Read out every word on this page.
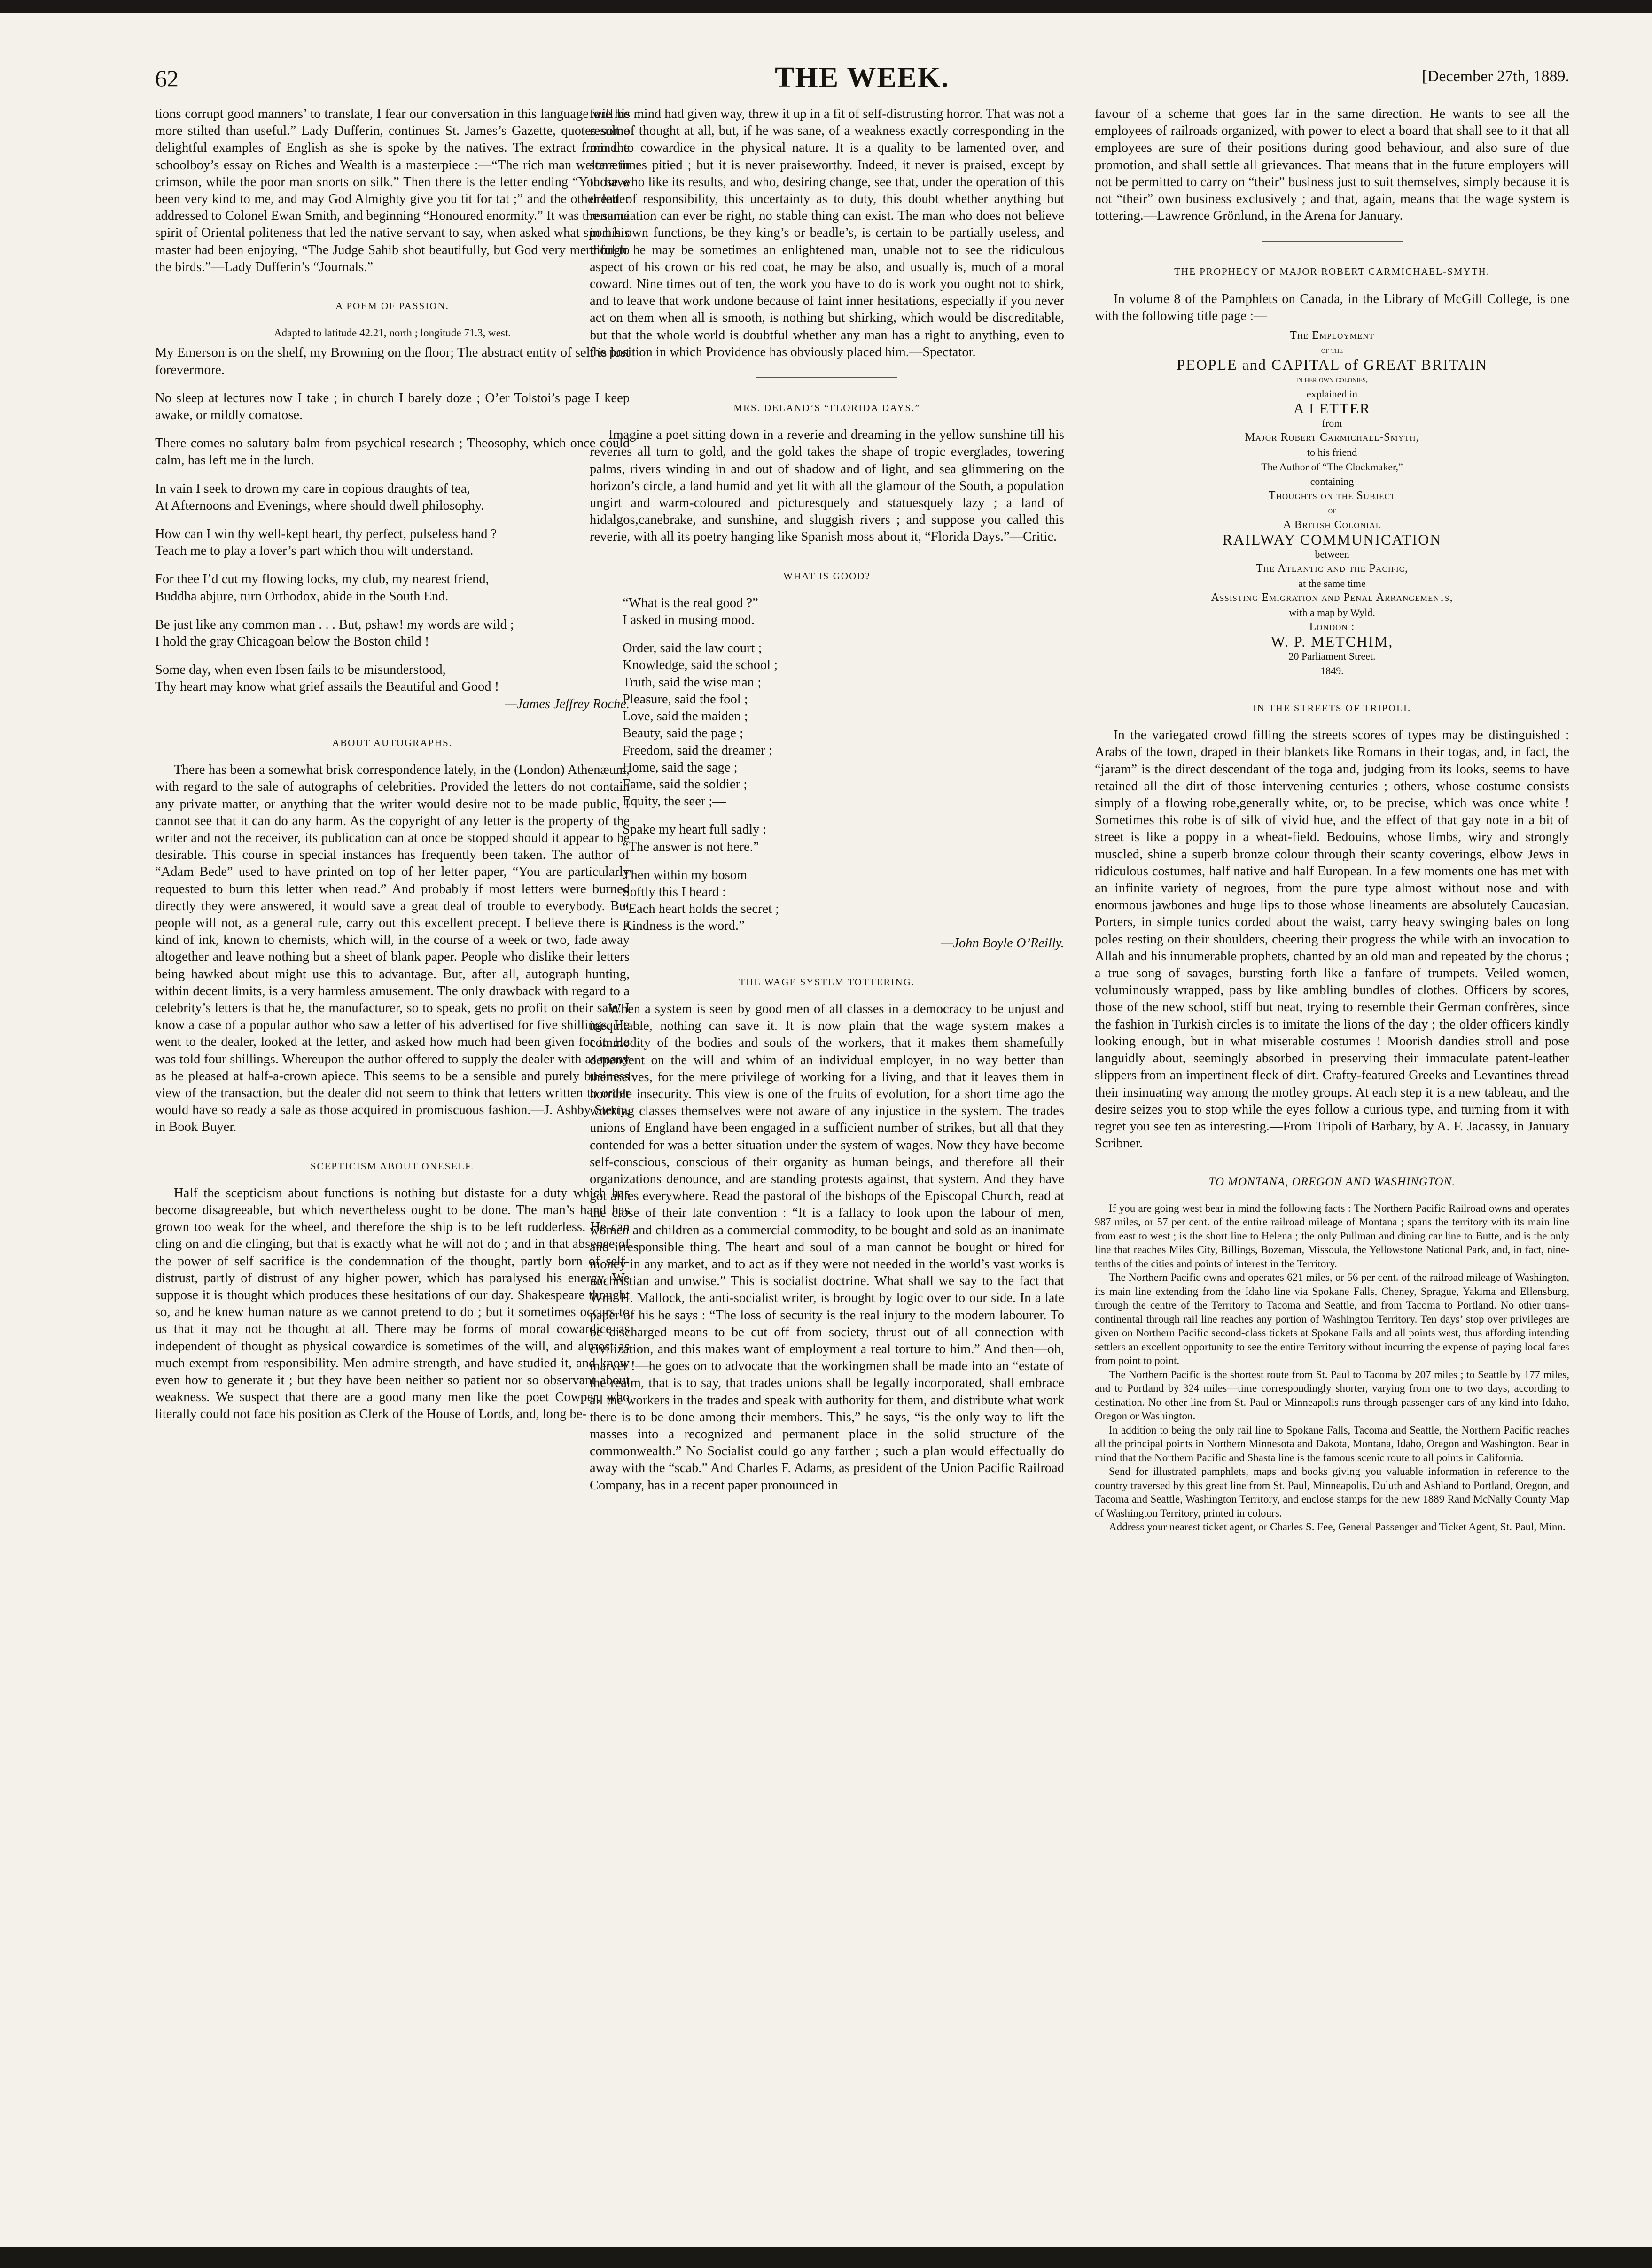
62	THE WEEK.	[December 27th, 1889.

tions corrupt good manners’ to translate, I fear our conversation in this language will be more stilted than useful.” Lady Dufferin, continues St. James’s Gazette, quotes some delightful examples of English as she is spoke by the natives. The extract from the schoolboy’s essay on Riches and Wealth is a masterpiece :—“The rich man welters in crimson, while the poor man snorts on silk.” Then there is the letter ending “You have been very kind to me, and may God Almighty give you tit for tat ;” and the other letter addressed to Colonel Ewan Smith, and beginning “Honoured enormity.” It was the same spirit of Oriental politeness that led the native servant to say, when asked what sport his master had been enjoying, “The Judge Sahib shot beautifully, but God very merciful to the birds.”—Lady Dufferin’s “Journals.”

A POEM OF PASSION.
Adapted to latitude 42.21, north ; longitude 71.3, west.

My Emerson is on the shelf, my Browning on the floor; The abstract entity of self is lost forevermore.

No sleep at lectures now I take ; in church I barely doze ; O’er Tolstoi’s page I keep awake, or mildly comatose.

There comes no salutary balm from psychical research ; Theosophy, which once could calm, has left me in the lurch.

In vain I seek to drown my care in copious draughts of tea,

At Afternoons and Evenings, where should dwell philosophy.

How can I win thy well-kept heart, thy perfect, pulseless hand ?

Teach me to play a lover’s part which thou wilt understand.

For thee I’d cut my flowing locks, my club, my nearest friend,

Buddha abjure, turn Orthodox, abide in the South End.

Be just like any common man . . . But, pshaw! my words are wild ;

I hold the gray Chicagoan below the Boston child !

Some day, when even Ibsen fails to be misunderstood,

Thy heart may know what grief assails the Beautiful and Good !

—James Jeffrey Roche.

ABOUT AUTOGRAPHS.

There has been a somewhat brisk correspondence lately, in the (London) Athenæum, with regard to the sale of autographs of celebrities. Provided the letters do not contain any private matter, or anything that the writer would desire not to be made public, I cannot see that it can do any harm. As the copyright of any letter is the property of the writer and not the receiver, its publication can at once be stopped should it appear to be desirable. This course in special instances has frequently been taken. The author of “Adam Bede” used to have printed on top of her letter paper, “You are particularly requested to burn this letter when read.” And probably if most letters were burned directly they were answered, it would save a great deal of trouble to everybody. But people will not, as a general rule, carry out this excellent precept. I believe there is a kind of ink, known to chemists, which will, in the course of a week or two, fade away altogether and leave nothing but a sheet of blank paper. People who dislike their letters being hawked about might use this to advantage. But, after all, autograph hunting, within decent limits, is a very harmless amusement. The only drawback with regard to a celebrity’s letters is that he, the manufacturer, so to speak, gets no profit on their sale. I know a case of a popular author who saw a letter of his advertised for five shillings. He went to the dealer, looked at the letter, and asked how much had been given for it. He was told four shillings. Whereupon the author offered to supply the dealer with as many as he pleased at half-a-crown apiece. This seems to be a sensible and purely business view of the transaction, but the dealer did not seem to think that letters written to order would have so ready a sale as those acquired in promiscuous fashion.—J. Ashby Sterry, in Book Buyer.

SCEPTICISM ABOUT ONESELF.

Half the scepticism about functions is nothing but distaste for a duty which has become disagreeable, but which nevertheless ought to be done. The man’s hand has grown too weak for the wheel, and therefore the ship is to be left rudderless. He can cling on and die clinging, but that is exactly what he will not do ; and in that absence of the power of self sacrifice is the condemnation of the thought, partly born of self-distrust, partly of distrust of any higher power, which has paralysed his energy. We suppose it is thought which produces these hesitations of our day. Shakespeare thought so, and he knew human nature as we cannot pretend to do ; but it sometimes occurs to us that it may not be thought at all. There may be forms of moral cowardice as independent of thought as physical cowardice is sometimes of the will, and almost as much exempt from responsibility. Men admire strength, and have studied it, and know even how to generate it ; but they have been neither so patient nor so observant about weakness. We suspect that there are a good many men like the poet Cowper, who literally could not face his position as Clerk of the House of Lords, and, long be-

fore his mind had given way, threw it up in a fit of self-distrusting horror. That was not a result of thought at all, but, if he was sane, of a weakness exactly corresponding in the mind to cowardice in the physical nature. It is a quality to be lamented over, and sometimes pitied ; but it is never praiseworthy. Indeed, it never is praised, except by those who like its results, and who, desiring change, see that, under the operation of this dread of responsibility, this uncertainty as to duty, this doubt whether anything but renunciation can ever be right, no stable thing can exist. The man who does not believe in his own functions, be they king’s or beadle’s, is certain to be partially useless, and though he may be sometimes an enlightened man, unable not to see the ridiculous aspect of his crown or his red coat, he may be also, and usually is, much of a moral coward. Nine times out of ten, the work you have to do is work you ought not to shirk, and to leave that work undone because of faint inner hesitations, especially if you never act on them when all is smooth, is nothing but shirking, which would be discreditable, but that the whole world is doubtful whether any man has a right to anything, even to the position in which Providence has obviously placed him.—Spectator.

MRS. DELAND’S “FLORIDA DAYS.”

Imagine a poet sitting down in a reverie and dreaming in the yellow sunshine till his reveries all turn to gold, and the gold takes the shape of tropic everglades, towering palms, rivers winding in and out of shadow and of light, and sea glimmering on the horizon’s circle, a land humid and yet lit with all the glamour of the South, a population ungirt and warm-coloured and picturesquely and statuesquely lazy ; a land of hidalgos,canebrake, and sunshine, and sluggish rivers ; and suppose you called this reverie, with all its poetry hanging like Spanish moss about it, “Florida Days.”—Critic.

WHAT IS GOOD?

“What is the real good ?”

I asked in musing mood.

Order, said the law court ;

Knowledge, said the school ;

Truth, said the wise man ;

Pleasure, said the fool ;

Love, said the maiden ;

Beauty, said the page ;

Freedom, said the dreamer ;

Home, said the sage ;

Fame, said the soldier ;

Equity, the seer ;—

Spake my heart full sadly :

“The answer is not here.”

Then within my bosom

Softly this I heard :

“Each heart holds the secret ;

Kindness is the word.”

—John Boyle O’Reilly.

THE WAGE SYSTEM TOTTERING.

When a system is seen by good men of all classes in a democracy to be unjust and inequitable, nothing can save it. It is now plain that the wage system makes a commodity of the bodies and souls of the workers, that it makes them shamefully dependent on the will and whim of an individual employer, in no way better than themselves, for the mere privilege of working for a living, and that it leaves them in horrible insecurity. This view is one of the fruits of evolution, for a short time ago the working classes themselves were not aware of any injustice in the system. The trades unions of England have been engaged in a sufficient number of strikes, but all that they contended for was a better situation under the system of wages. Now they have become self-conscious, conscious of their organity as human beings, and therefore all their organizations denounce, and are standing protests against, that system. And they have got allies everywhere. Read the pastoral of the bishops of the Episcopal Church, read at the close of their late convention : “It is a fallacy to look upon the labour of men, women and children as a commercial commodity, to be bought and sold as an inanimate and irresponsible thing. The heart and soul of a man cannot be bought or hired for money in any market, and to act as if they were not needed in the world’s vast works is unchristian and unwise.” This is socialist doctrine. What shall we say to the fact that Wm. H. Mallock, the anti-socialist writer, is brought by logic over to our side. In a late paper of his he says : “The loss of security is the real injury to the modern labourer. To be discharged means to be cut off from society, thrust out of all connection with civilization, and this makes want of employment a real torture to him.” And then—oh, marvel !—he goes on to advocate that the workingmen shall be made into an “estate of the realm, that is to say, that trades unions shall be legally incorporated, shall embrace all the workers in the trades and speak with authority for them, and distribute what work there is to be done among their members. This,” he says, “is the only way to lift the masses into a recognized and permanent place in the solid structure of the commonwealth.” No Socialist could go any farther ; such a plan would effectually do away with the “scab.” And Charles F. Adams, as president of the Union Pacific Railroad Company, has in a recent paper pronounced in

favour of a scheme that goes far in the same direction. He wants to see all the employees of railroads organized, with power to elect a board that shall see to it that all employees are sure of their positions during good behaviour, and also sure of due promotion, and shall settle all grievances. That means that in the future employers will not be permitted to carry on “their” business just to suit themselves, simply because it is not “their” own business exclusively ; and that, again, means that the wage system is tottering.—Lawrence Grönlund, in the Arena for January.

THE PROPHECY OF MAJOR ROBERT CARMICHAEL-SMYTH.

In volume 8 of the Pamphlets on Canada, in the Library of McGill College, is one with the following title page :—

The Employment
of the
PEOPLE and CAPITAL of GREAT BRITAIN
in her own colonies,
explained in
A LETTER
from
Major Robert Carmichael-Smyth,
to his friend
The Author of “The Clockmaker,”
containing
Thoughts on the Subject
of
A British Colonial
RAILWAY COMMUNICATION
between
The Atlantic and the Pacific,
at the same time
Assisting Emigration and Penal Arrangements,
with a map by Wyld.
London :
W. P. METCHIM,
20 Parliament Street.
1849.
IN THE STREETS OF TRIPOLI.

In the variegated crowd filling the streets scores of types may be distinguished : Arabs of the town, draped in their blankets like Romans in their togas, and, in fact, the “jaram” is the direct descendant of the toga and, judging from its looks, seems to have retained all the dirt of those intervening centuries ; others, whose costume consists simply of a flowing robe,generally white, or, to be precise, which was once white ! Sometimes this robe is of silk of vivid hue, and the effect of that gay note in a bit of street is like a poppy in a wheat-field. Bedouins, whose limbs, wiry and strongly muscled, shine a superb bronze colour through their scanty coverings, elbow Jews in ridiculous costumes, half native and half European. In a few moments one has met with an infinite variety of negroes, from the pure type almost without nose and with enormous jawbones and huge lips to those whose lineaments are absolutely Caucasian. Porters, in simple tunics corded about the waist, carry heavy swinging bales on long poles resting on their shoulders, cheering their progress the while with an invocation to Allah and his innumerable prophets, chanted by an old man and repeated by the chorus ; a true song of savages, bursting forth like a fanfare of trumpets. Veiled women, voluminously wrapped, pass by like ambling bundles of clothes. Officers by scores, those of the new school, stiff but neat, trying to resemble their German confrères, since the fashion in Turkish circles is to imitate the lions of the day ; the older officers kindly looking enough, but in what miserable costumes ! Moorish dandies stroll and pose languidly about, seemingly absorbed in preserving their immaculate patent-leather slippers from an impertinent fleck of dirt. Crafty-featured Greeks and Levantines thread their insinuating way among the motley groups. At each step it is a new tableau, and the desire seizes you to stop while the eyes follow a curious type, and turning from it with regret you see ten as interesting.—From Tripoli of Barbary, by A. F. Jacassy, in January Scribner.

TO MONTANA, OREGON AND WASHINGTON.

If you are going west bear in mind the following facts : The Northern Pacific Railroad owns and operates 987 miles, or 57 per cent. of the entire railroad mileage of Montana ; spans the territory with its main line from east to west ; is the short line to Helena ; the only Pullman and dining car line to Butte, and is the only line that reaches Miles City, Billings, Bozeman, Missoula, the Yellowstone National Park, and, in fact, nine-tenths of the cities and points of interest in the Territory.

The Northern Pacific owns and operates 621 miles, or 56 per cent. of the railroad mileage of Washington, its main line extending from the Idaho line via Spokane Falls, Cheney, Sprague, Yakima and Ellensburg, through the centre of the Territory to Tacoma and Seattle, and from Tacoma to Portland. No other trans-continental through rail line reaches any portion of Washington Territory. Ten days’ stop over privileges are given on Northern Pacific second-class tickets at Spokane Falls and all points west, thus affording intending settlers an excellent opportunity to see the entire Territory without incurring the expense of paying local fares from point to point.

The Northern Pacific is the shortest route from St. Paul to Tacoma by 207 miles ; to Seattle by 177 miles, and to Portland by 324 miles—time correspondingly shorter, varying from one to two days, according to destination. No other line from St. Paul or Minneapolis runs through passenger cars of any kind into Idaho, Oregon or Washington.

In addition to being the only rail line to Spokane Falls, Tacoma and Seattle, the Northern Pacific reaches all the principal points in Northern Minnesota and Dakota, Montana, Idaho, Oregon and Washington. Bear in mind that the Northern Pacific and Shasta line is the famous scenic route to all points in California.

Send for illustrated pamphlets, maps and books giving you valuable information in reference to the country traversed by this great line from St. Paul, Minneapolis, Duluth and Ashland to Portland, Oregon, and Tacoma and Seattle, Washington Territory, and enclose stamps for the new 1889 Rand McNally County Map of Washington Territory, printed in colours.

Address your nearest ticket agent, or Charles S. Fee, General Passenger and Ticket Agent, St. Paul, Minn.
